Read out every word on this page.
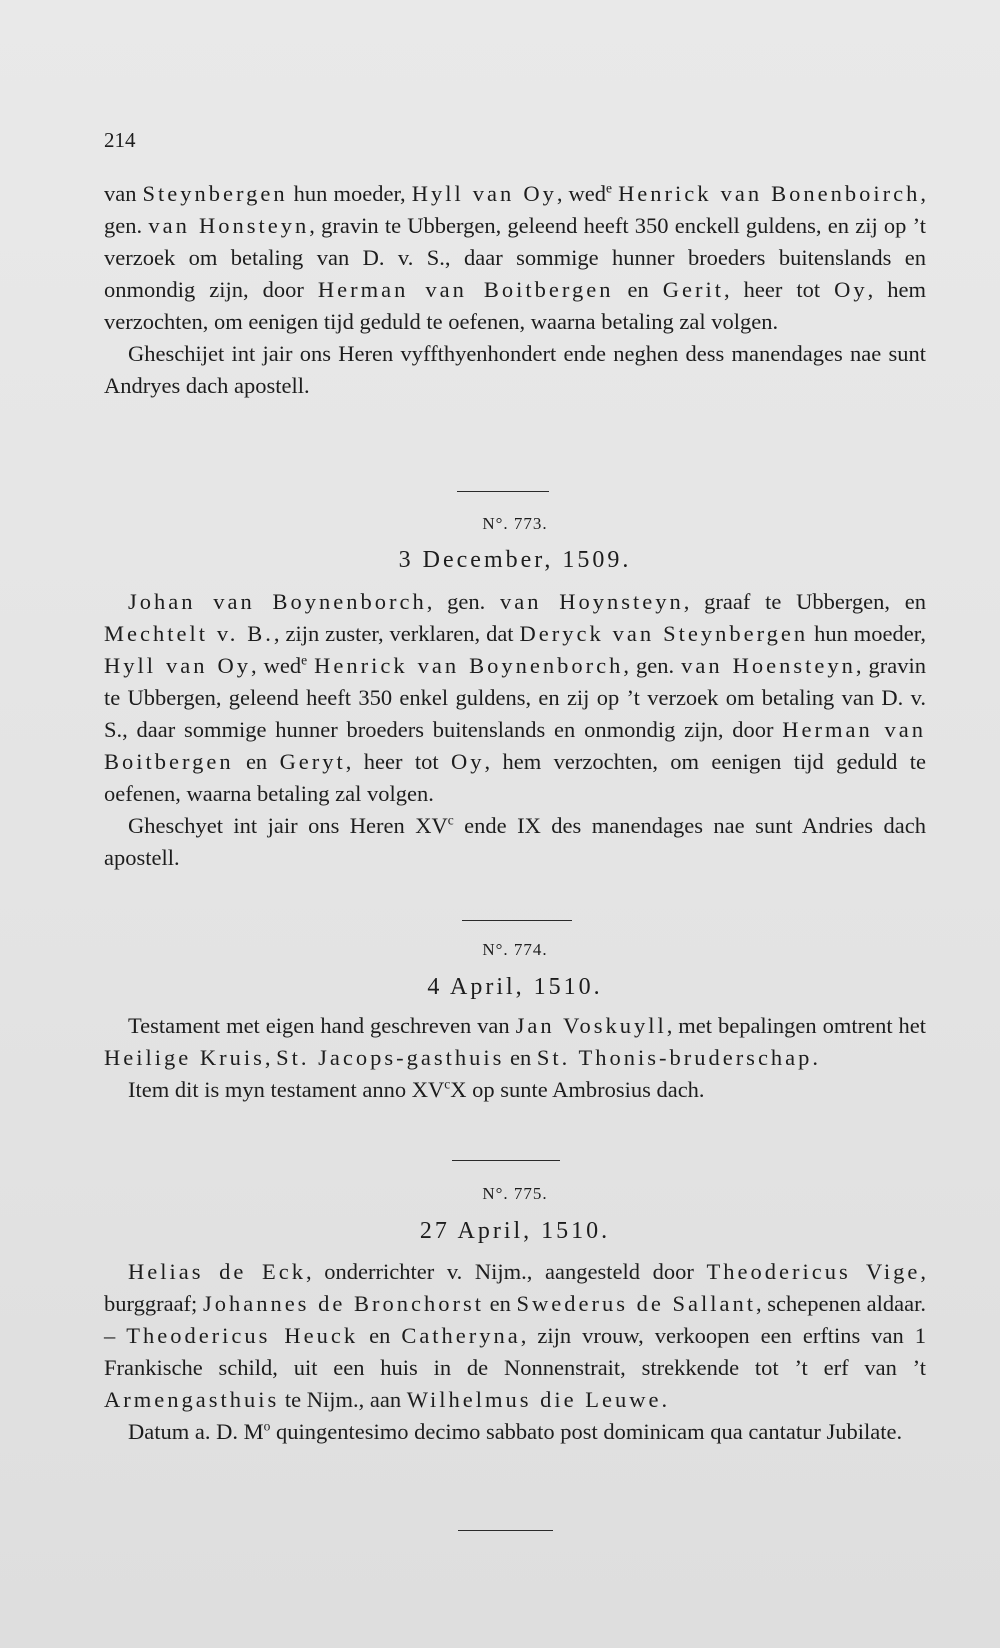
214

van Steynbergen hun moeder, Hyll van Oy, wed$^e$ Henrick van Bonenboirch, gen. van Honsteyn, gravin te Ubbergen, geleend heeft 350 enckell guldens, en zij op ’t verzoek om betaling van D. v. S., daar sommige hunner broeders buitenslands en onmondig zijn, door Herman van Boitbergen en Gerit, heer tot Oy, hem verzochten, om eenigen tijd geduld te oefenen, waarna betaling zal volgen.

Gheschijet int jair ons Heren vyffthyenhondert ende neghen dess manendages nae sunt Andryes dach apostell.

N°. 773.
3 December, 1509.

Johan van Boynenborch, gen. van Hoynsteyn, graaf te Ubbergen, en Mechtelt v. B., zijn zuster, verklaren, dat Deryck van Steynbergen hun moeder, Hyll van Oy, wed$^e$ Henrick van Boynenborch, gen. van Hoensteyn, gravin te Ubbergen, geleend heeft 350 enkel guldens, en zij op ’t verzoek om betaling van D. v. S., daar sommige hunner broeders buitenslands en onmondig zijn, door Herman van Boitbergen en Geryt, heer tot Oy, hem verzochten, om eenigen tijd geduld te oefenen, waarna betaling zal volgen.

Gheschyet int jair ons Heren $XV^c$ ende IX des manendages nae sunt Andries dach apostell.

N°. 774.
4 April, 1510.

Testament met eigen hand geschreven van Jan Voskuyll, met bepalingen omtrent het Heilige Kruis, St. Jacops-gasthuis en St. Thonis-bruderschap.

Item dit is myn testament anno $XV^cX$ op sunte Ambrosius dach.

N°. 775.
27 April, 1510.

Helias de Eck, onderrichter v. Nijm., aangesteld door Theodericus Vige, burggraaf; Johannes de Bronchorst en Swederus de Sallant, schepenen aldaar. – Theodericus Heuck en Catheryna, zijn vrouw, verkoopen een erftins van 1 Frankische schild, uit een huis in de Nonnenstrait, strekkende tot ’t erf van ’t Armengasthuis te Nijm., aan Wilhelmus die Leuwe.

Datum a. D. $M^o$ quingentesimo decimo sabbato post dominicam qua cantatur Jubilate.
